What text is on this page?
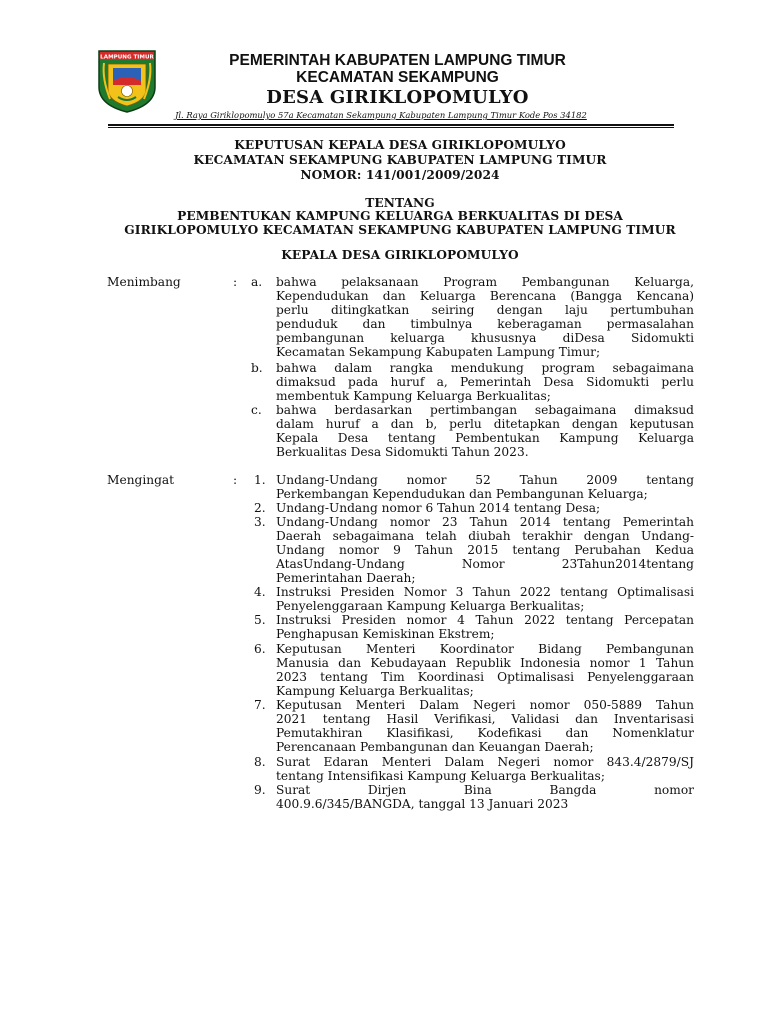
LAMPUNG TIMUR	PEMERINTAH KABUPATEN LAMPUNG TIMUR
KECAMATAN SEKAMPUNG
DESA GIRIKLOPOMULYO
Jl. Raya Giriklopomulyo 57a Kecamatan Sekampung Kabupaten Lampung Timur Kode Pos 34182
KEPUTUSAN KEPALA DESA GIRIKLOPOMULYO
KECAMATAN SEKAMPUNG KABUPATEN LAMPUNG TIMUR
NOMOR: 141/001/2009/2024
TENTANG
PEMBENTUKAN KAMPUNG KELUARGA BERKUALITAS DI DESA
GIRIKLOPOMULYO KECAMATAN SEKAMPUNG KABUPATEN LAMPUNG TIMUR
KEPALA DESA GIRIKLOPOMULYO
Menimbang	: a. bahwa pelaksanaan Program Pembangunan Keluarga,
Kependudukan dan Keluarga Berencana (Bangga Kencana)
perlu ditingkatkan seiring dengan laju pertumbuhan
penduduk dan timbulnya keberagaman permasalahan
pembangunan keluarga khususnya diDesa Sidomukti
Kecamatan Sekampung Kabupaten Lampung Timur;
b. bahwa dalam rangka mendukung program sebagaimana
dimaksud pada huruf a, Pemerintah Desa Sidomukti perlu
membentuk Kampung Keluarga Berkualitas;
c. bahwa berdasarkan pertimbangan sebagaimana dimaksud
dalam huruf a dan b, perlu ditetapkan dengan keputusan
Kepala Desa tentang Pembentukan Kampung Keluarga
Berkualitas Desa Sidomukti Tahun 2023.
Mengingat	: 1. Undang-Undang nomor 52 Tahun 2009 tentang
Perkembangan Kependudukan dan Pembangunan Keluarga;
2. Undang-Undang nomor 6 Tahun 2014 tentang Desa;
3. Undang-Undang nomor 23 Tahun 2014 tentang Pemerintah
Daerah sebagaimana telah diubah terakhir dengan Undang-
Undang nomor 9 Tahun 2015 tentang Perubahan Kedua
AtasUndang-Undang Nomor 23Tahun2014tentang
Pemerintahan Daerah;
4. Instruksi Presiden Nomor 3 Tahun 2022 tentang Optimalisasi
Penyelenggaraan Kampung Keluarga Berkualitas;
5. Instruksi Presiden nomor 4 Tahun 2022 tentang Percepatan
Penghapusan Kemiskinan Ekstrem;
6. Keputusan Menteri Koordinator Bidang Pembangunan
Manusia dan Kebudayaan Republik Indonesia nomor 1 Tahun
2023 tentang Tim Koordinasi Optimalisasi Penyelenggaraan
Kampung Keluarga Berkualitas;
7. Keputusan Menteri Dalam Negeri nomor 050-5889 Tahun
2021 tentang Hasil Verifikasi, Validasi dan Inventarisasi
Pemutakhiran Klasifikasi, Kodefikasi dan Nomenklatur
Perencanaan Pembangunan dan Keuangan Daerah;
8. Surat Edaran Menteri Dalam Negeri nomor 843.4/2879/SJ
tentang Intensifikasi Kampung Keluarga Berkualitas;
9. Surat Dirjen Bina Bangda nomor
400.9.6/345/BANGDA, tanggal 13 Januari 2023
